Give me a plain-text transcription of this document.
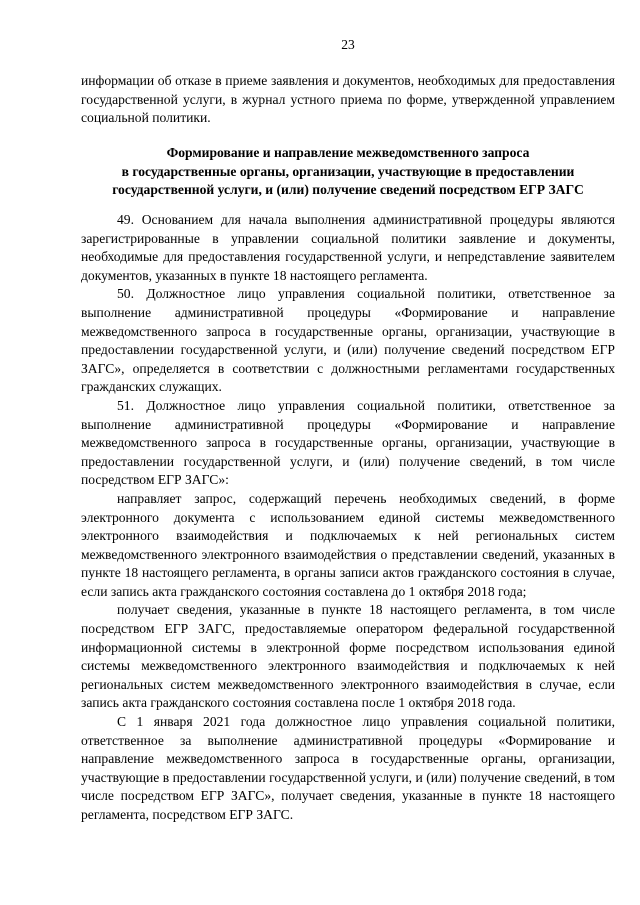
23

информации об отказе в приеме заявления и документов, необходимых для предоставления государственной услуги, в журнал устного приема по форме, утвержденной управлением социальной политики.

Формирование и направление межведомственного запроса
в государственные органы, организации, участвующие в предоставлении
государственной услуги, и (или) получение сведений посредством ЕГР ЗАГС

49. Основанием для начала выполнения административной процедуры являются зарегистрированные в управлении социальной политики заявление и документы, необходимые для предоставления государственной услуги, и непредставление заявителем документов, указанных в пункте 18 настоящего регламента.

50. Должностное лицо управления социальной политики, ответственное за выполнение административной процедуры «Формирование и направление межведомственного запроса в государственные органы, организации, участвующие в предоставлении государственной услуги, и (или) получение сведений посредством ЕГР ЗАГС», определяется в соответствии с должностными регламентами государственных гражданских служащих.

51. Должностное лицо управления социальной политики, ответственное за выполнение административной процедуры «Формирование и направление межведомственного запроса в государственные органы, организации, участвующие в предоставлении государственной услуги, и (или) получение сведений, в том числе посредством ЕГР ЗАГС»:

направляет запрос, содержащий перечень необходимых сведений, в форме электронного документа с использованием единой системы межведомственного электронного взаимодействия и подключаемых к ней региональных систем межведомственного электронного взаимодействия о представлении сведений, указанных в пункте 18 настоящего регламента, в органы записи актов гражданского состояния в случае, если запись акта гражданского состояния составлена до 1 октября 2018 года;

получает сведения, указанные в пункте 18 настоящего регламента, в том числе посредством ЕГР ЗАГС, предоставляемые оператором федеральной государственной информационной системы в электронной форме посредством использования единой системы межведомственного электронного взаимодействия и подключаемых к ней региональных систем межведомственного электронного взаимодействия в случае, если запись акта гражданского состояния составлена после 1 октября 2018 года.

С 1 января 2021 года должностное лицо управления социальной политики, ответственное за выполнение административной процедуры «Формирование и направление межведомственного запроса в государственные органы, организации, участвующие в предоставлении государственной услуги, и (или) получение сведений, в том числе посредством ЕГР ЗАГС», получает сведения, указанные в пункте 18 настоящего регламента, посредством ЕГР ЗАГС.
